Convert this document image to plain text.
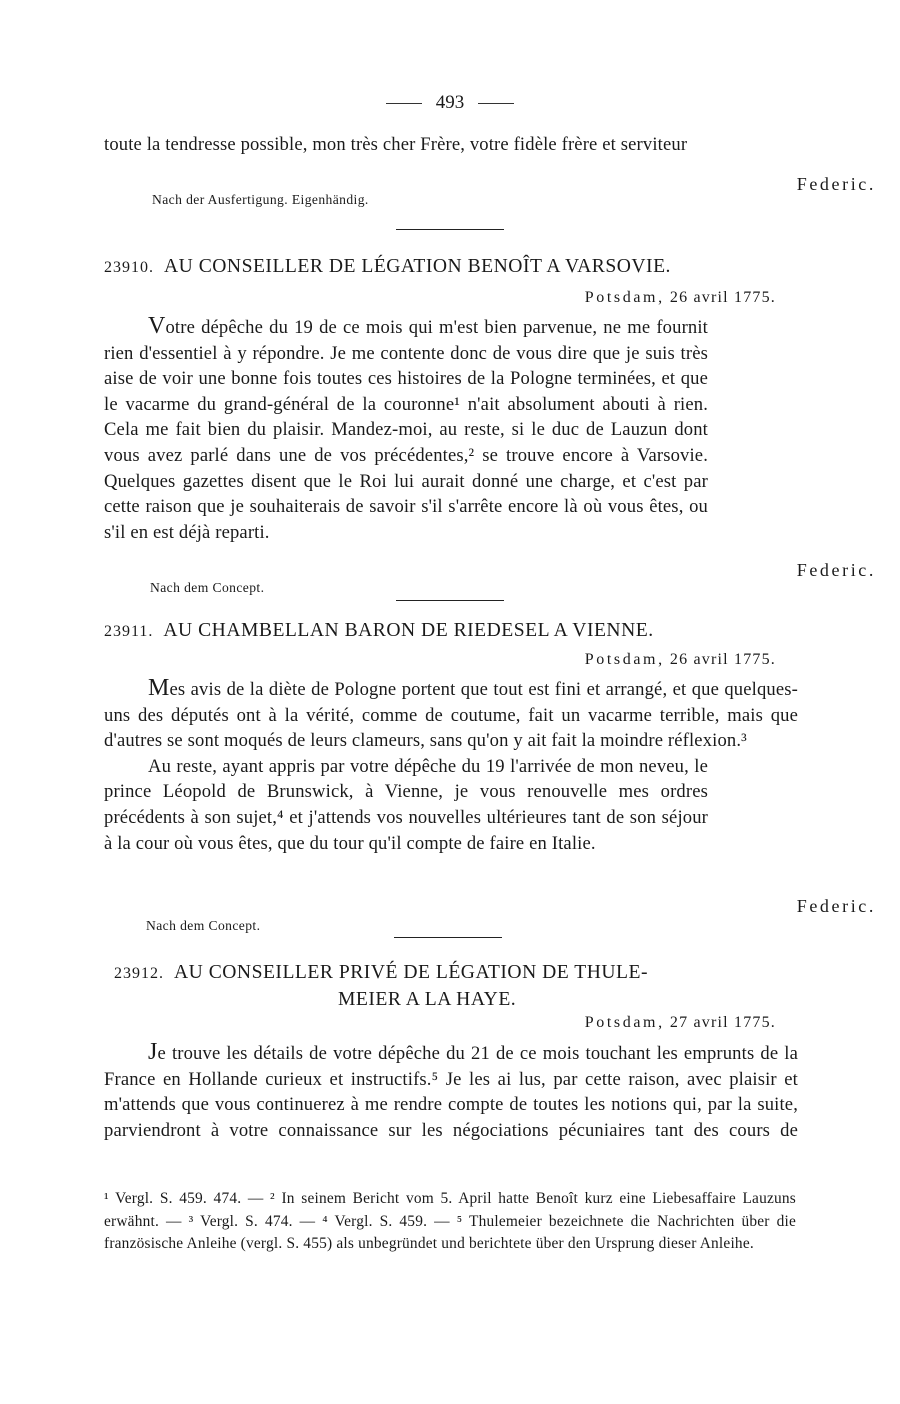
493

toute la tendresse possible, mon très cher Frère, votre fidèle frère et serviteur

Federic.
Nach der Ausfertigung. Eigenhändig.
23910. AU CONSEILLER DE LÉGATION BENOÎT A VARSOVIE.
Potsdam, 26 avril 1775.

Votre dépêche du 19 de ce mois qui m'est bien parvenue, ne me fournit rien d'essentiel à y répondre. Je me contente donc de vous dire que je suis très aise de voir une bonne fois toutes ces histoires de la Pologne terminées, et que le vacarme du grand-général de la couronne¹ n'ait absolument abouti à rien. Cela me fait bien du plaisir. Mandez-moi, au reste, si le duc de Lauzun dont vous avez parlé dans une de vos précédentes,² se trouve encore à Varsovie. Quelques gazettes disent que le Roi lui aurait donné une charge, et c'est par cette raison que je souhaiterais de savoir s'il s'arrête encore là où vous êtes, ou s'il en est déjà reparti.

Federic.
Nach dem Concept.
23911. AU CHAMBELLAN BARON DE RIEDESEL A VIENNE.
Potsdam, 26 avril 1775.

Mes avis de la diète de Pologne portent que tout est fini et arrangé, et que quelques-uns des députés ont à la vérité, comme de coutume, fait un vacarme terrible, mais que d'autres se sont moqués de leurs clameurs, sans qu'on y ait fait la moindre réflexion.³

Au reste, ayant appris par votre dépêche du 19 l'arrivée de mon neveu, le prince Léopold de Brunswick, à Vienne, je vous renouvelle mes ordres précédents à son sujet,⁴ et j'attends vos nouvelles ultérieures tant de son séjour à la cour où vous êtes, que du tour qu'il compte de faire en Italie.

Federic.
Nach dem Concept.
23912. AU CONSEILLER PRIVÉ DE LÉGATION DE THULE-
MEIER A LA HAYE.
Potsdam, 27 avril 1775.

Je trouve les détails de votre dépêche du 21 de ce mois touchant les emprunts de la France en Hollande curieux et instructifs.⁵ Je les ai lus, par cette raison, avec plaisir et m'attends que vous continuerez à me rendre compte de toutes les notions qui, par la suite, parviendront à votre connaissance sur les négociations pécuniaires tant des cours de

¹ Vergl. S. 459. 474. — ² In seinem Bericht vom 5. April hatte Benoît kurz eine Liebesaffaire Lauzuns erwähnt. — ³ Vergl. S. 474. — ⁴ Vergl. S. 459. — ⁵ Thulemeier bezeichnete die Nachrichten über die französische Anleihe (vergl. S. 455) als unbegründet und berichtete über den Ursprung dieser Anleihe.
